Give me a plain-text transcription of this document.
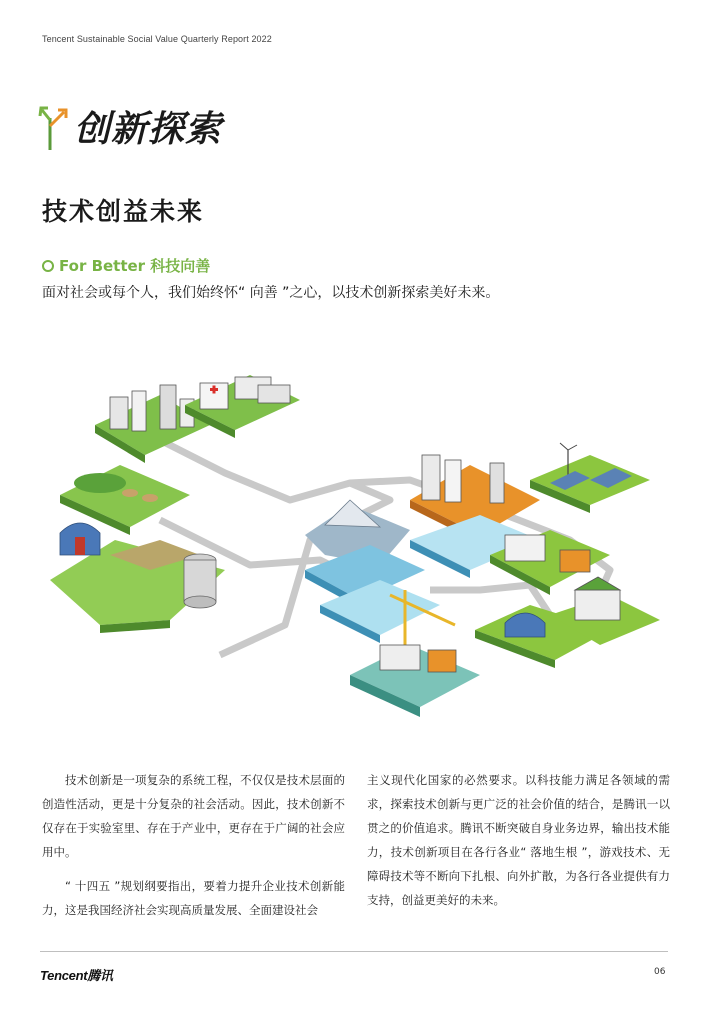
Tencent Sustainable Social Value Quarterly Report 2022
创新探索
技术创益未来
For Better 科技向善
面对社会或每个人，我们始终怀“ 向善 ”之心，以技术创新探索美好未来。

技术创新是一项复杂的系统工程，不仅仅是技术层面的创造性活动，更是十分复杂的社会活动。因此，技术创新不仅存在于实验室里、存在于产业中，更存在于广阔的社会应用中。

“ 十四五 ”规划纲要指出，要着力提升企业技术创新能力，这是我国经济社会实现高质量发展、全面建设社会

主义现代化国家的必然要求。以科技能力满足各领域的需求，探索技术创新与更广泛的社会价值的结合，是腾讯一以贯之的价值追求。腾讯不断突破自身业务边界，输出技术能力，技术创新项目在各行各业“ 落地生根 ”，游戏技术、无障碍技术等不断向下扎根、向外扩散，为各行各业提供有力支持，创益更美好的未来。

Tencent腾讯	06
